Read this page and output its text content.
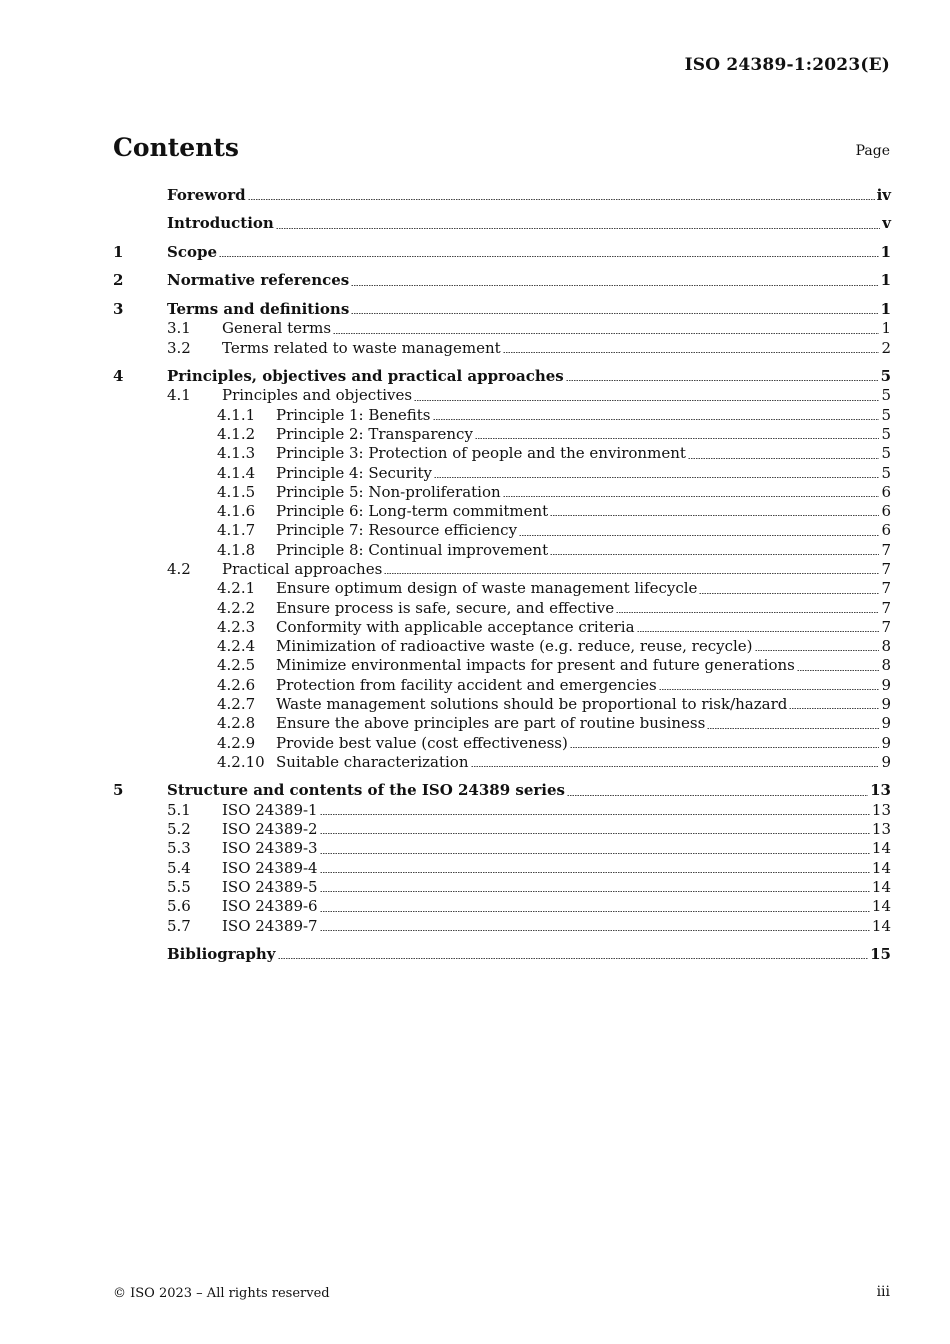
ISO 24389-1:2023(E)
Contents	Page
Foreword	iv
Introduction	v
1	Scope	1
2	Normative references	1
3	Terms and definitions	1
3.1	General terms	1
3.2	Terms related to waste management	2
4	Principles, objectives and practical approaches	5
4.1	Principles and objectives	5
4.1.1	Principle 1: Benefits	5
4.1.2	Principle 2: Transparency	5
4.1.3	Principle 3: Protection of people and the environment	5
4.1.4	Principle 4: Security	5
4.1.5	Principle 5: Non-proliferation	6
4.1.6	Principle 6: Long-term commitment	6
4.1.7	Principle 7: Resource efficiency	6
4.1.8	Principle 8: Continual improvement	7
4.2	Practical approaches	7
4.2.1	Ensure optimum design of waste management lifecycle	7
4.2.2	Ensure process is safe, secure, and effective	7
4.2.3	Conformity with applicable acceptance criteria	7
4.2.4	Minimization of radioactive waste (e.g. reduce, reuse, recycle)	8
4.2.5	Minimize environmental impacts for present and future generations	8
4.2.6	Protection from facility accident and emergencies	9
4.2.7	Waste management solutions should be proportional to risk/hazard	9
4.2.8	Ensure the above principles are part of routine business	9
4.2.9	Provide best value (cost effectiveness)	9
4.2.10 Suitable characterization	9
5	Structure and contents of the ISO 24389 series	13
5.1	ISO 24389-1	13
5.2	ISO 24389-2	13
5.3	ISO 24389-3	14
5.4	ISO 24389-4	14
5.5	ISO 24389-5	14
5.6	ISO 24389-6	14
5.7	ISO 24389-7	14
Bibliography	15
© ISO 2023 – All rights reserved	iii
